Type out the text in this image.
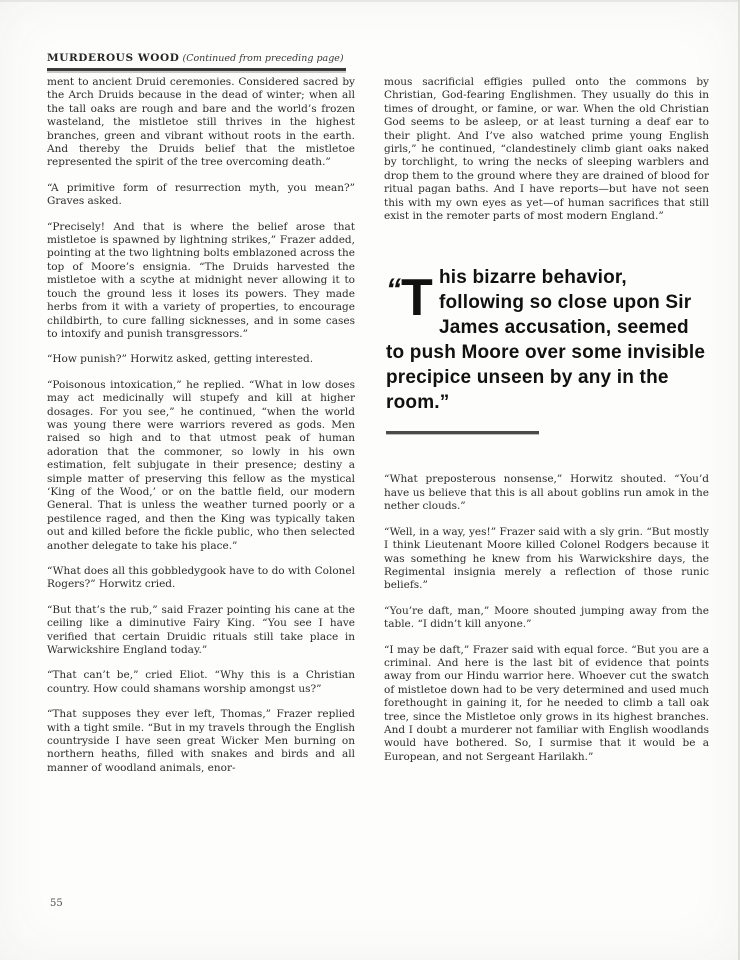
MURDEROUS WOOD (Continued from preceding page)

ment to ancient Druid ceremonies. Considered sacred by the Arch Druids because in the dead of winter; when all the tall oaks are rough and bare and the world’s frozen wasteland, the mistletoe still thrives in the highest branches, green and vibrant without roots in the earth. And thereby the Druids belief that the mistletoe represented the spirit of the tree overcoming death.”

“A primitive form of resurrection myth, you mean?” Graves asked.

“Precisely! And that is where the belief arose that mistletoe is spawned by lightning strikes,” Frazer added, pointing at the two lightning bolts emblazoned across the top of Moore’s ensignia. “The Druids harvested the mistletoe with a scythe at midnight never allowing it to touch the ground less it loses its powers. They made herbs from it with a variety of properties, to encourage childbirth, to cure falling sicknesses, and in some cases to intoxify and punish transgressors.”

“How punish?” Horwitz asked, getting interested.

“Poisonous intoxication,” he replied. “What in low doses may act medicinally will stupefy and kill at higher dosages. For you see,” he continued, “when the world was young there were warriors revered as gods. Men raised so high and to that utmost peak of human adoration that the commoner, so lowly in his own estimation, felt subjugate in their presence; destiny a simple matter of preserving this fellow as the mystical ‘King of the Wood,’ or on the battle field, our modern General. That is unless the weather turned poorly or a pestilence raged, and then the King was typically taken out and killed before the fickle public, who then selected another delegate to take his place.”

“What does all this gobbledygook have to do with Colonel Rogers?” Horwitz cried.

“But that’s the rub,” said Frazer pointing his cane at the ceiling like a diminutive Fairy King. “You see I have verified that certain Druidic rituals still take place in Warwickshire England today.”

“That can’t be,” cried Eliot. “Why this is a Christian country. How could shamans worship amongst us?”

“That supposes they ever left, Thomas,” Frazer replied with a tight smile. “But in my travels through the English countryside I have seen great Wicker Men burning on northern heaths, filled with snakes and birds and all manner of woodland animals, enor-

mous sacrificial effigies pulled onto the commons by Christian, God-fearing Englishmen. They usually do this in times of drought, or famine, or war. When the old Christian God seems to be asleep, or at least turning a deaf ear to their plight. And I’ve also watched prime young English girls,” he continued, “clandestinely climb giant oaks naked by torchlight, to wring the necks of sleeping warblers and drop them to the ground where they are drained of blood for ritual pagan baths. And I have reports—but have not seen this with my own eyes as yet—of human sacrifices that still exist in the remoter parts of most modern England.”

“T his bizarre behavior, following so close upon Sir James accusation, seemed to push Moore over some invisible precipice unseen by any in the room.”

“What preposterous nonsense,” Horwitz shouted. “You’d have us believe that this is all about goblins run amok in the nether clouds.”

“Well, in a way, yes!” Frazer said with a sly grin. “But mostly I think Lieutenant Moore killed Colonel Rodgers because it was something he knew from his Warwickshire days, the Regimental insignia merely a reflection of those runic beliefs.”

“You’re daft, man,” Moore shouted jumping away from the table. “I didn’t kill anyone.”

“I may be daft,” Frazer said with equal force. “But you are a criminal. And here is the last bit of evidence that points away from our Hindu warrior here. Whoever cut the swatch of mistletoe down had to be very determined and used much forethought in gaining it, for he needed to climb a tall oak tree, since the Mistletoe only grows in its highest branches. And I doubt a murderer not familiar with English woodlands would have bothered. So, I surmise that it would be a European, and not Sergeant Harilakh.”

55
